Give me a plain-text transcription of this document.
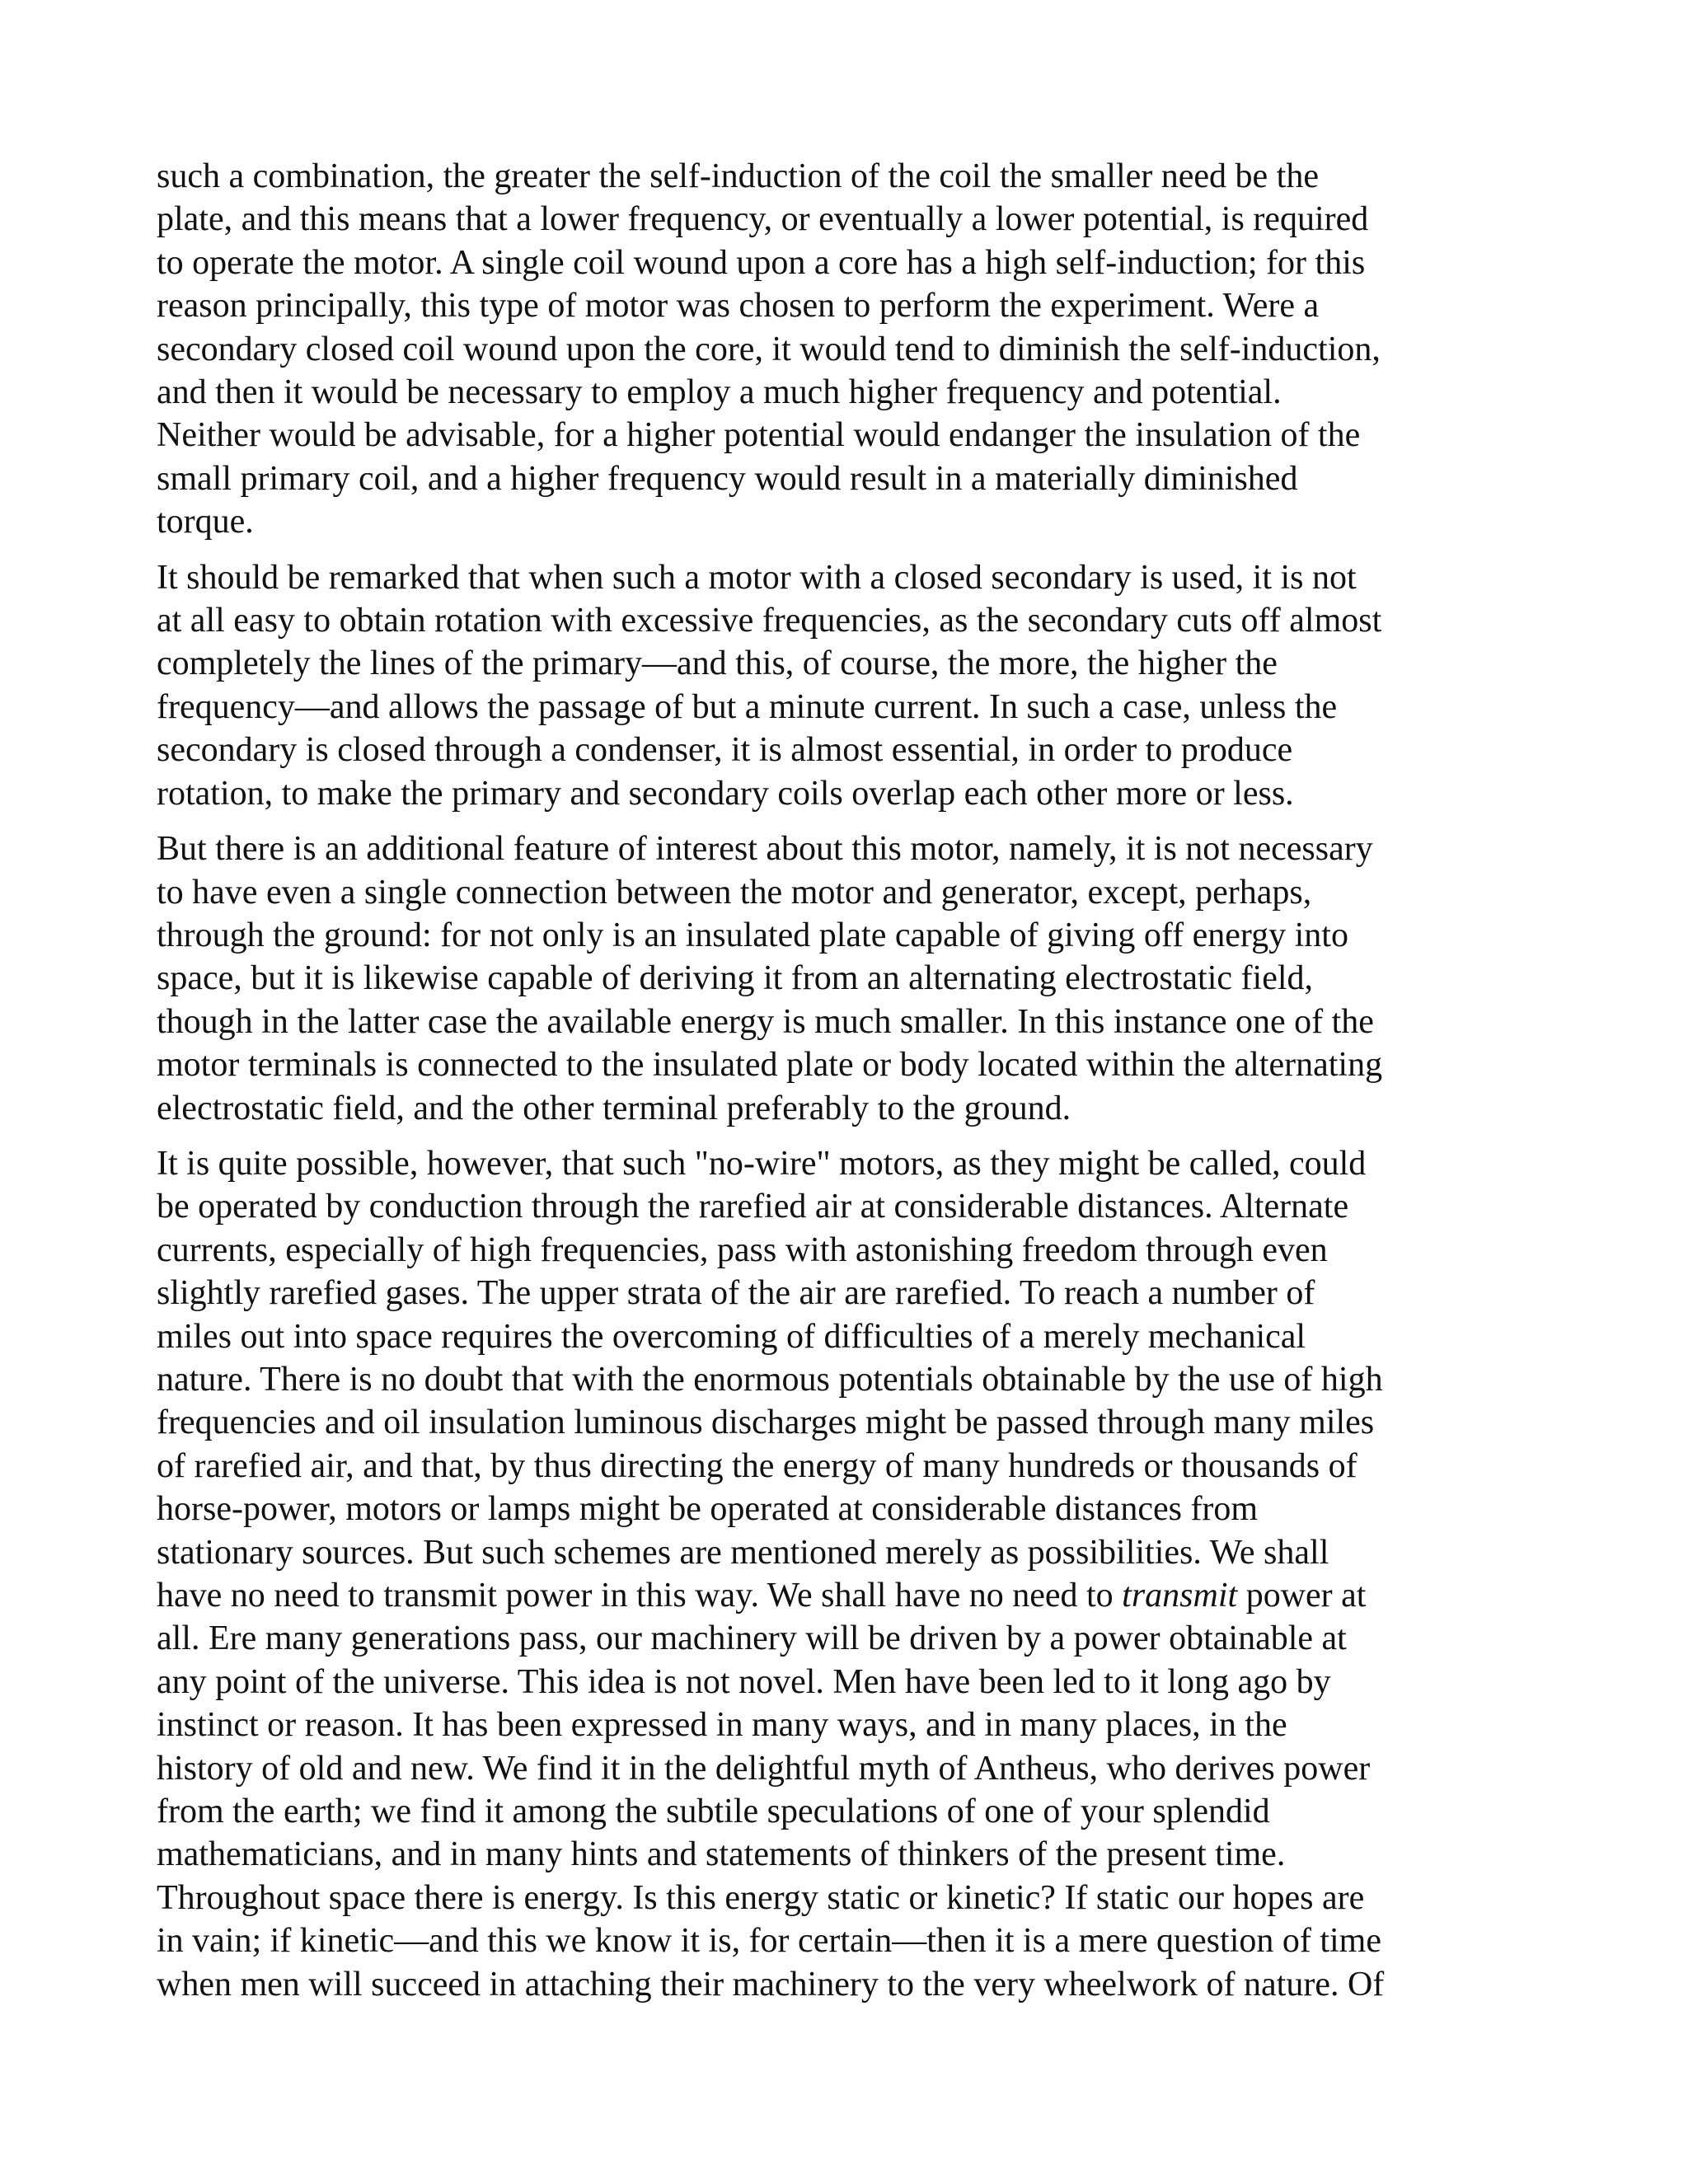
such a combination, the greater the self-induction of the coil the smaller need be the
plate, and this means that a lower frequency, or eventually a lower potential, is required
to operate the motor. A single coil wound upon a core has a high self-induction; for this
reason principally, this type of motor was chosen to perform the experiment. Were a
secondary closed coil wound upon the core, it would tend to diminish the self-induction,
and then it would be necessary to employ a much higher frequency and potential.
Neither would be advisable, for a higher potential would endanger the insulation of the
small primary coil, and a higher frequency would result in a materially diminished
torque.

It should be remarked that when such a motor with a closed secondary is used, it is not
at all easy to obtain rotation with excessive frequencies, as the secondary cuts off almost
completely the lines of the primary—and this, of course, the more, the higher the
frequency—and allows the passage of but a minute current. In such a case, unless the
secondary is closed through a condenser, it is almost essential, in order to produce
rotation, to make the primary and secondary coils overlap each other more or less.

But there is an additional feature of interest about this motor, namely, it is not necessary
to have even a single connection between the motor and generator, except, perhaps,
through the ground: for not only is an insulated plate capable of giving off energy into
space, but it is likewise capable of deriving it from an alternating electrostatic field,
though in the latter case the available energy is much smaller. In this instance one of the
motor terminals is connected to the insulated plate or body located within the alternating
electrostatic field, and the other terminal preferably to the ground.

It is quite possible, however, that such "no-wire" motors, as they might be called, could
be operated by conduction through the rarefied air at considerable distances. Alternate
currents, especially of high frequencies, pass with astonishing freedom through even
slightly rarefied gases. The upper strata of the air are rarefied. To reach a number of
miles out into space requires the overcoming of difficulties of a merely mechanical
nature. There is no doubt that with the enormous potentials obtainable by the use of high
frequencies and oil insulation luminous discharges might be passed through many miles
of rarefied air, and that, by thus directing the energy of many hundreds or thousands of
horse-power, motors or lamps might be operated at considerable distances from
stationary sources. But such schemes are mentioned merely as possibilities. We shall
have no need to transmit power in this way. We shall have no need to transmit power at
all. Ere many generations pass, our machinery will be driven by a power obtainable at
any point of the universe. This idea is not novel. Men have been led to it long ago by
instinct or reason. It has been expressed in many ways, and in many places, in the
history of old and new. We find it in the delightful myth of Antheus, who derives power
from the earth; we find it among the subtile speculations of one of your splendid
mathematicians, and in many hints and statements of thinkers of the present time.
Throughout space there is energy. Is this energy static or kinetic? If static our hopes are
in vain; if kinetic—and this we know it is, for certain—then it is a mere question of time
when men will succeed in attaching their machinery to the very wheelwork of nature. Of
